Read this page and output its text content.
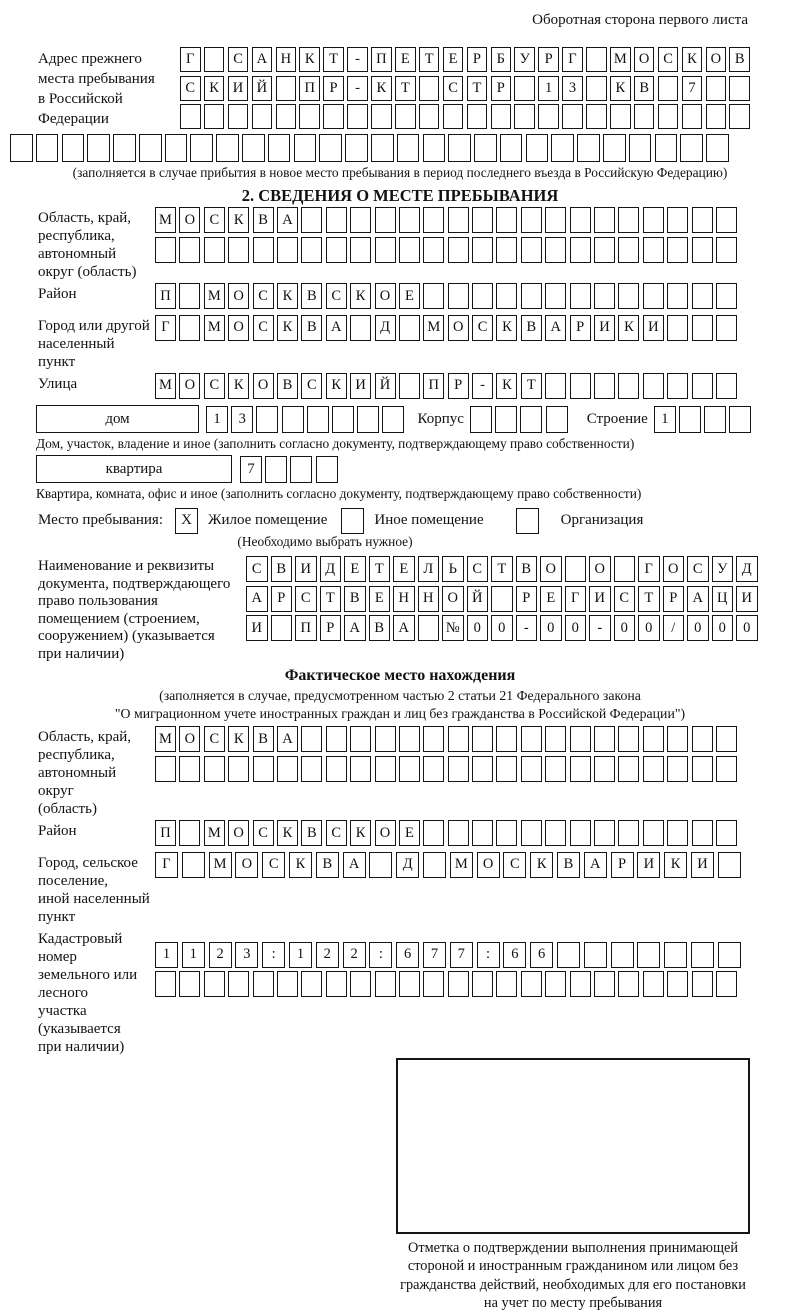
Оборотная сторона первого листа
Адрес прежнего
места пребывания
в Российской
Федерации
Г	С А Н К	Т	-	П Е	Т	Е	Р	Б	У	Р	Г	М О С К О В
С К И Й	П	Р	-	К	Т	С	Т	Р	1	3	К В	7
(заполняется в случае прибытия в новое место пребывания в период последнего въезда в Российскую Федерацию)
2. СВЕДЕНИЯ О МЕСТЕ ПРЕБЫВАНИЯ
Область, край,
республика,
автономный
округ (область)
М О С	К	В А
Район	П	М О С	К	В	С	К О	Е
Город или другой
населенный пункт
Г	М О С	К	В А	Д	М О С	К	В А	Р	И К И
Улица	М О С	К О В	С	К И Й	П	Р	-	К	Т
дом	1	3	Корпус	Строение 1
Дом, участок, владение и иное (заполнить согласно документу, подтверждающему право собственности)
квартира	7
Квартира, комната, офис и иное (заполнить согласно документу, подтверждающему право собственности)
Место пребывания:	X	Жилое помещение	Иное помещение	Организация
(Необходимо выбрать нужное)
Наименование и реквизиты
документа, подтверждающего
право пользования
помещением (строением,
сооружением) (указывается
при наличии)
С	В И Д	Е	Т	Е	Л	Ь	С	Т	В О	О	Г	О С	У Д
А	Р	С	Т	В	Е	Н Н О Й	Р	Е	Г	И С	Т	Р	А Ц И
И	П	Р	А В А	№ 0	0	-	0	0	-	0	0	/	0	0	0
Фактическое место нахождения
(заполняется в случае, предусмотренном частью 2 статьи 21 Федерального закона
"О миграционном учете иностранных граждан и лиц без гражданства в Российской Федерации")
Область, край,
республика,
автономный округ
(область)
М О С	К	В А
Район	П	М О С	К	В	С	К О	Е
Город, сельское поселение,
иной населенный пункт
Г	М	О	С	К	В	А	Д	М	О	С	К	В	А	Р	И	К	И
Кадастровый номер
земельного или лесного
участка (указывается
при наличии)
1	1	2	3	:	1	2	2	:	6	7	7	:	6	6
Отметка о подтверждении выполнения принимающей
стороной и иностранным гражданином или лицом без
гражданства действий, необходимых для его постановки
на учет по месту пребывания
